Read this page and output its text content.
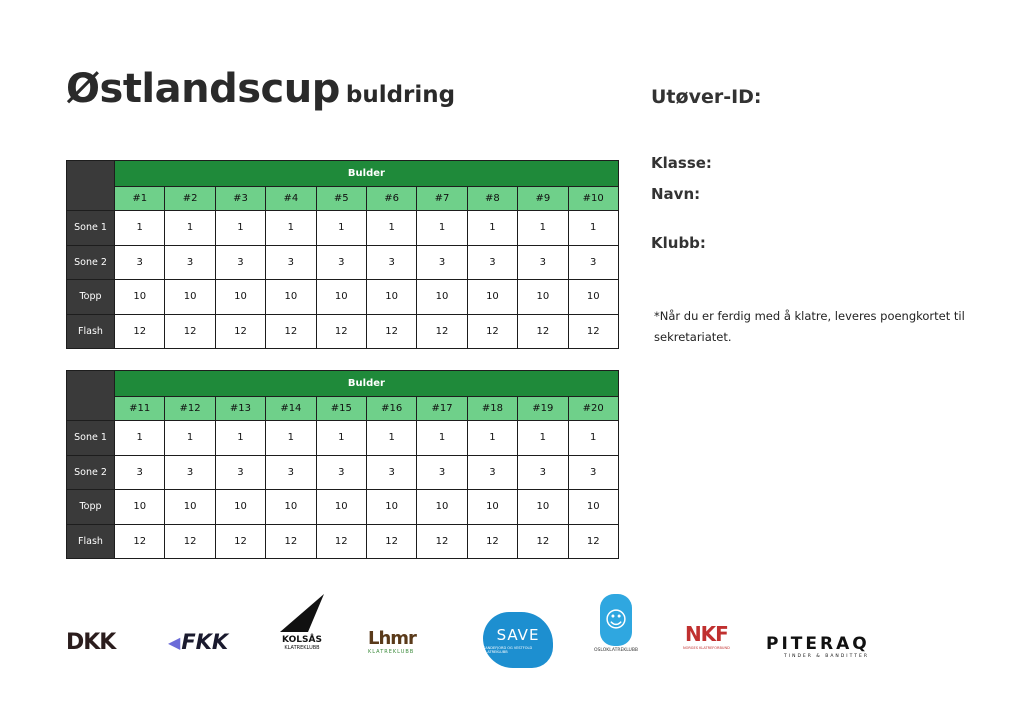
Østlandscup buldring	Utøver-ID:
Klasse:
Navn:
Klubb:
*Når du er ferdig med å klatre, leveres poengkortet til sekretariatet.
	Bulder									
	#1	#2	#3	#4	#5	#6	#7	#8	#9	#10
Sone 1	1	1	1	1	1	1	1	1	1	1
Sone 2	3	3	3	3	3	3	3	3	3	3
Topp	10	10	10	10	10	10	10	10	10	10
Flash	12	12	12	12	12	12	12	12	12	12
	Bulder									
	#11	#12	#13	#14	#15	#16	#17	#18	#19	#20
Sone 1	1	1	1	1	1	1	1	1	1	1
Sone 2	3	3	3	3	3	3	3	3	3	3
Topp	10	10	10	10	10	10	10	10	10	10
Flash	12	12	12	12	12	12	12	12	12	12
DKK	◀ FKK	KOLSÅS
KLATREKLUBB	Lhmr
KLATREKLUBB
SAVE
SANDEFJORD OG VESTFOLD KLATREKLUBB
☺
OSLOKLATREKLUBB
NKF
NORGES KLATREFORBUND PITERAQ
TINDER & BANDITTER
